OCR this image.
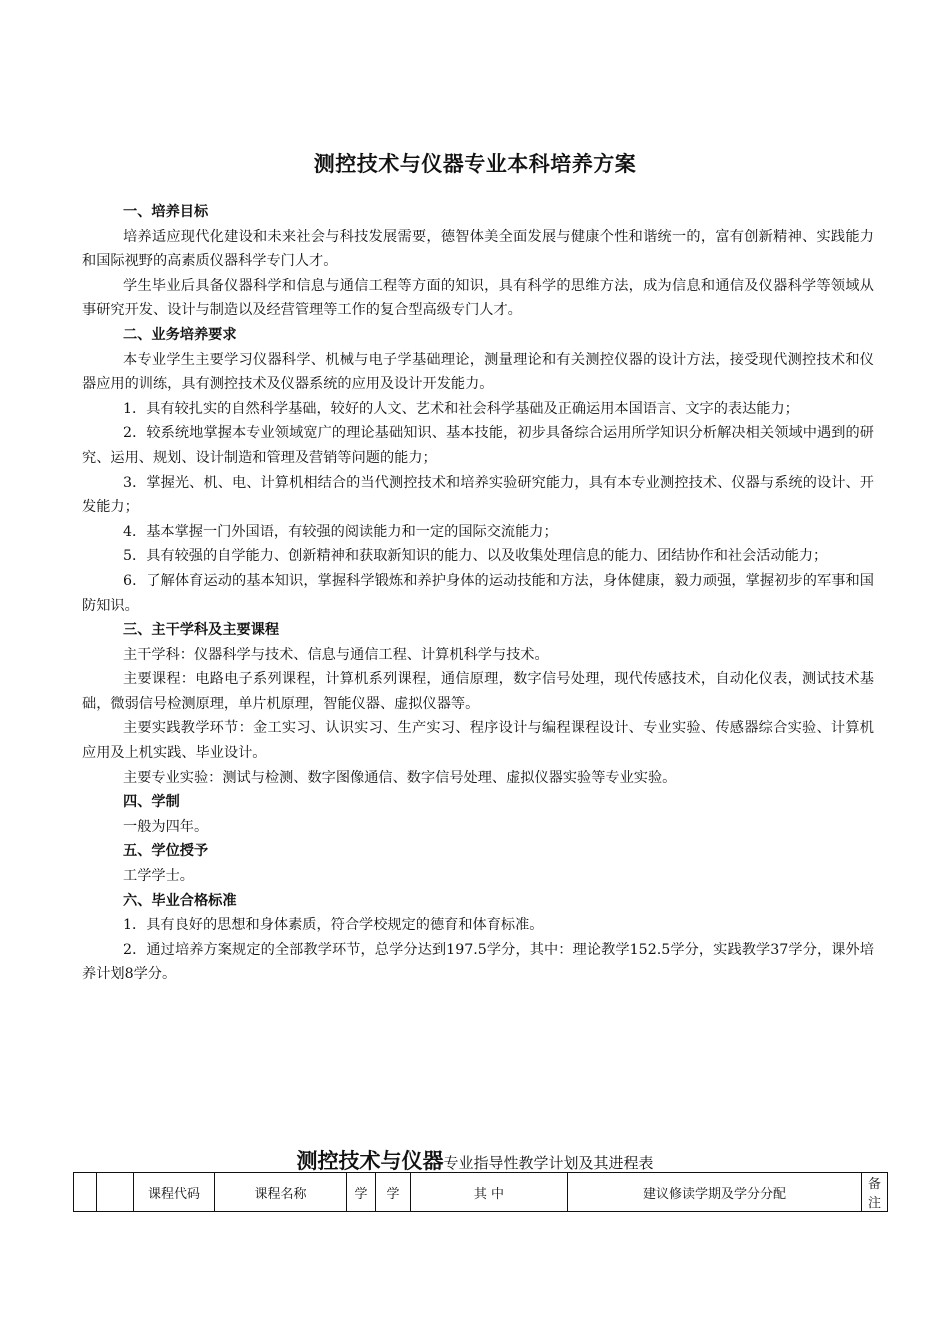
测控技术与仪器专业本科培养方案

一、培养目标

培养适应现代化建设和未来社会与科技发展需要，德智体美全面发展与健康个性和谐统一的，富有创新精神、实践能力和国际视野的高素质仪器科学专门人才。

学生毕业后具备仪器科学和信息与通信工程等方面的知识，具有科学的思维方法，成为信息和通信及仪器科学等领域从事研究开发、设计与制造以及经营管理等工作的复合型高级专门人才。

二、业务培养要求

本专业学生主要学习仪器科学、机械与电子学基础理论，测量理论和有关测控仪器的设计方法，接受现代测控技术和仪器应用的训练，具有测控技术及仪器系统的应用及设计开发能力。

1．具有较扎实的自然科学基础，较好的人文、艺术和社会科学基础及正确运用本国语言、文字的表达能力；

2．较系统地掌握本专业领域宽广的理论基础知识、基本技能，初步具备综合运用所学知识分析解决相关领域中遇到的研究、运用、规划、设计制造和管理及营销等问题的能力；

3．掌握光、机、电、计算机相结合的当代测控技术和培养实验研究能力，具有本专业测控技术、仪器与系统的设计、开发能力；

4．基本掌握一门外国语，有较强的阅读能力和一定的国际交流能力；

5．具有较强的自学能力、创新精神和获取新知识的能力、以及收集处理信息的能力、团结协作和社会活动能力；

6．了解体育运动的基本知识，掌握科学锻炼和养护身体的运动技能和方法，身体健康，毅力顽强，掌握初步的军事和国防知识。

三、主干学科及主要课程

主干学科：仪器科学与技术、信息与通信工程、计算机科学与技术。

主要课程：电路电子系列课程，计算机系列课程，通信原理，数字信号处理，现代传感技术，自动化仪表，测试技术基础，微弱信号检测原理，单片机原理，智能仪器、虚拟仪器等。

主要实践教学环节：金工实习、认识实习、生产实习、程序设计与编程课程设计、专业实验、传感器综合实验、计算机应用及上机实践、毕业设计。

主要专业实验：测试与检测、数字图像通信、数字信号处理、虚拟仪器实验等专业实验。

四、学制

一般为四年。

五、学位授予

工学学士。

六、毕业合格标准

1．具有良好的思想和身体素质，符合学校规定的德育和体育标准。

2．通过培养方案规定的全部教学环节，总学分达到197.5学分，其中：理论教学152.5学分，实践教学37学分，课外培养计划8学分。

测控技术与仪器专业指导性教学计划及其进程表
		课程代码	课程名称	学	学	其 中	建议修读学期及学分分配	备注
